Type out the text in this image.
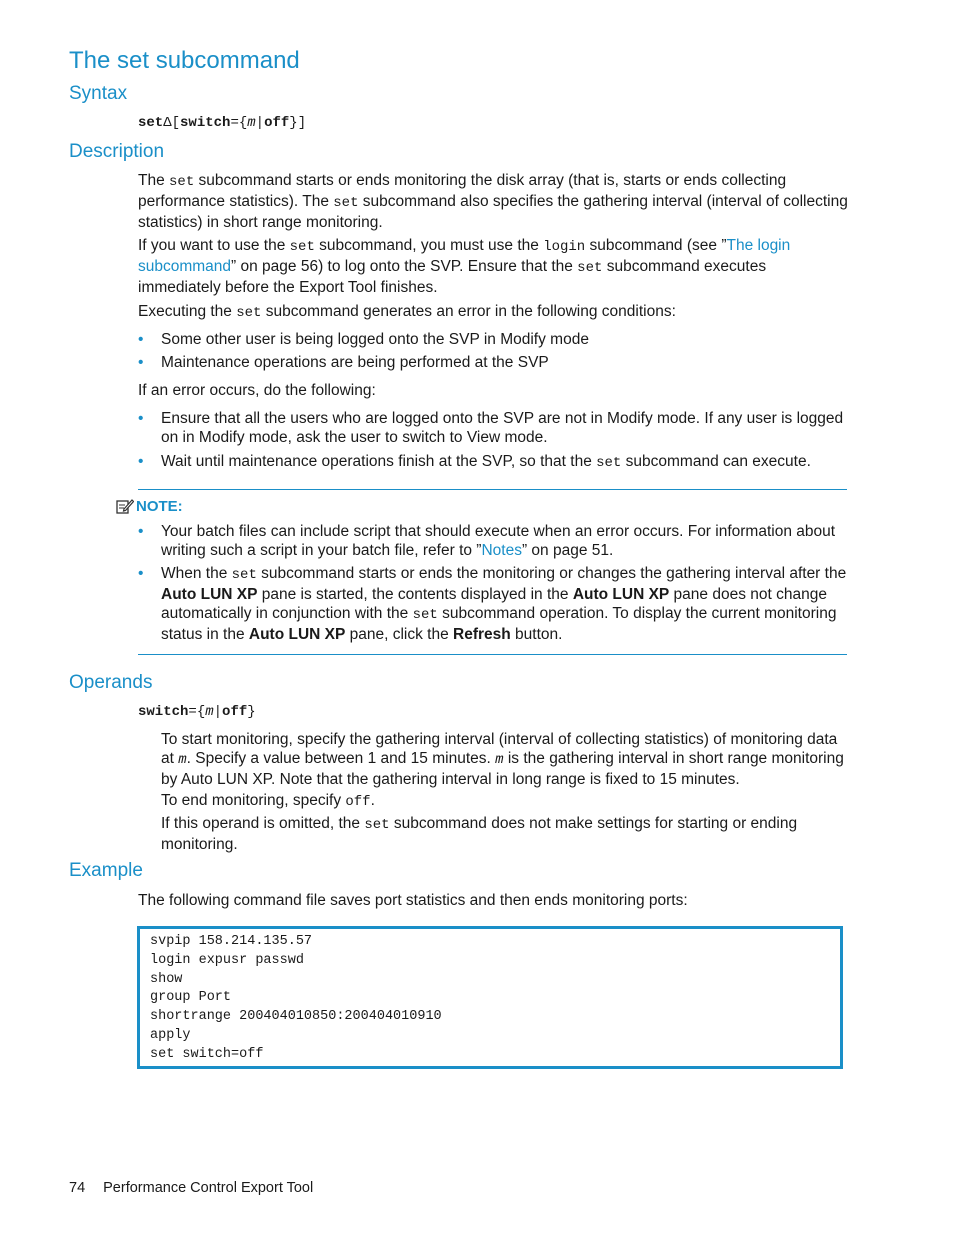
The set subcommand
Syntax
setΔ[switch={m|off}]
Description

The set subcommand starts or ends monitoring the disk array (that is, starts or ends collecting performance statistics). The set subcommand also specifies the gathering interval (interval of collecting statistics) in short range monitoring.

If you want to use the set subcommand, you must use the login subcommand (see ”The login subcommand” on page 56) to log onto the SVP. Ensure that the set subcommand executes immediately before the Export Tool finishes.

Executing the set subcommand generates an error in the following conditions:

• Some other user is being logged onto the SVP in Modify mode
• Maintenance operations are being performed at the SVP
If an error occurs, do the following:
• Ensure that all the users who are logged onto the SVP are not in Modify mode. If any user is logged on in Modify mode, ask the user to switch to View mode.
• Wait until maintenance operations finish at the SVP, so that the set subcommand can execute.
NOTE:
• Your batch files can include script that should execute when an error occurs. For information about writing such a script in your batch file, refer to ”Notes” on page 51.
• When the set subcommand starts or ends the monitoring or changes the gathering interval after the Auto LUN XP pane is started, the contents displayed in the Auto LUN XP pane does not change automatically in conjunction with the set subcommand operation. To display the current monitoring status in the Auto LUN XP pane, click the Refresh button.
Operands
switch={m|off}

To start monitoring, specify the gathering interval (interval of collecting statistics) of monitoring data at m. Specify a value between 1 and 15 minutes. m is the gathering interval in short range monitoring by Auto LUN XP. Note that the gathering interval in long range is fixed to 15 minutes.

To end monitoring, specify off.

If this operand is omitted, the set subcommand does not make settings for starting or ending monitoring.

Example
The following command file saves port statistics and then ends monitoring ports:
svpip 158.214.135.57
login expusr passwd
show
group Port
shortrange 200404010850:200404010910
apply
set switch=off
74 Performance Control Export Tool
